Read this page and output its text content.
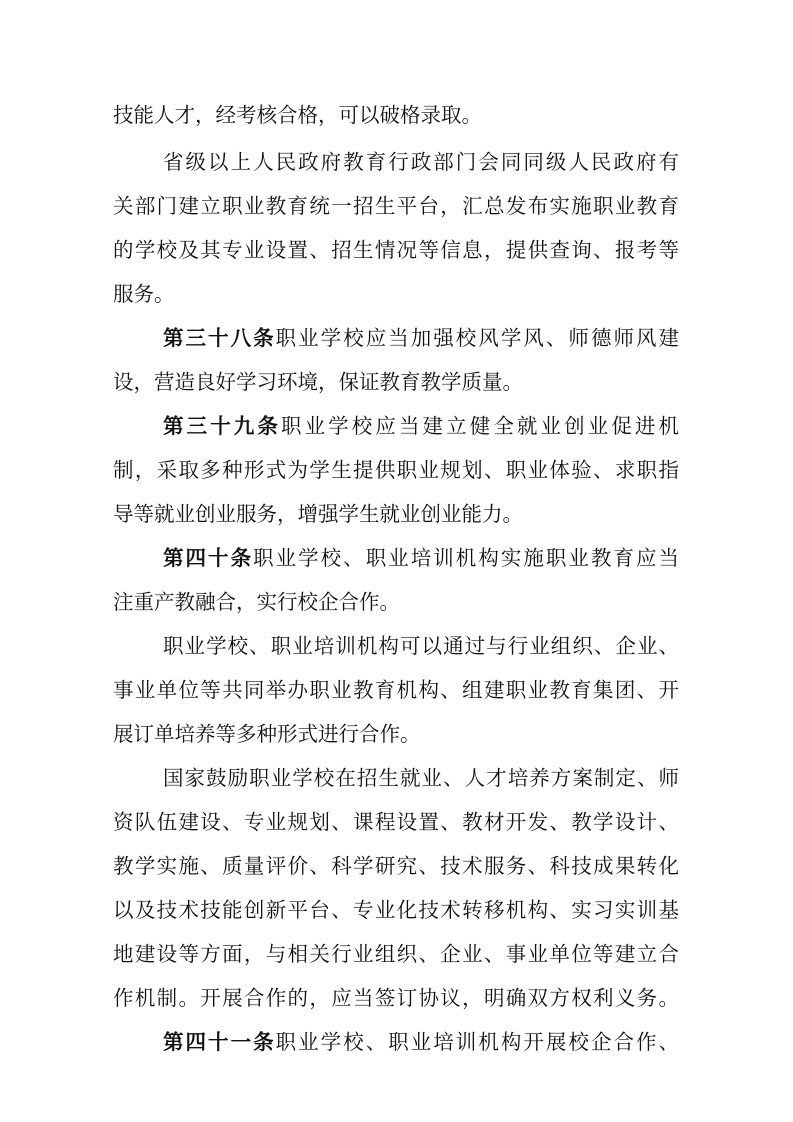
技能人才，经考核合格，可以破格录取。
省级以上人民政府教育行政部门会同同级人民政府有
关部门建立职业教育统一招生平台，汇总发布实施职业教育
的学校及其专业设置、招生情况等信息，提供查询、报考等
服务。
第三十八条职业学校应当加强校风学风、师德师风建
设，营造良好学习环境，保证教育教学质量。
第三十九条职业学校应当建立健全就业创业促进机
制，采取多种形式为学生提供职业规划、职业体验、求职指
导等就业创业服务，增强学生就业创业能力。
第四十条职业学校、职业培训机构实施职业教育应当
注重产教融合，实行校企合作。
职业学校、职业培训机构可以通过与行业组织、企业、
事业单位等共同举办职业教育机构、组建职业教育集团、开
展订单培养等多种形式进行合作。
国家鼓励职业学校在招生就业、人才培养方案制定、师
资队伍建设、专业规划、课程设置、教材开发、教学设计、
教学实施、质量评价、科学研究、技术服务、科技成果转化
以及技术技能创新平台、专业化技术转移机构、实习实训基
地建设等方面，与相关行业组织、企业、事业单位等建立合
作机制。开展合作的，应当签订协议，明确双方权利义务。
第四十一条职业学校、职业培训机构开展校企合作、
